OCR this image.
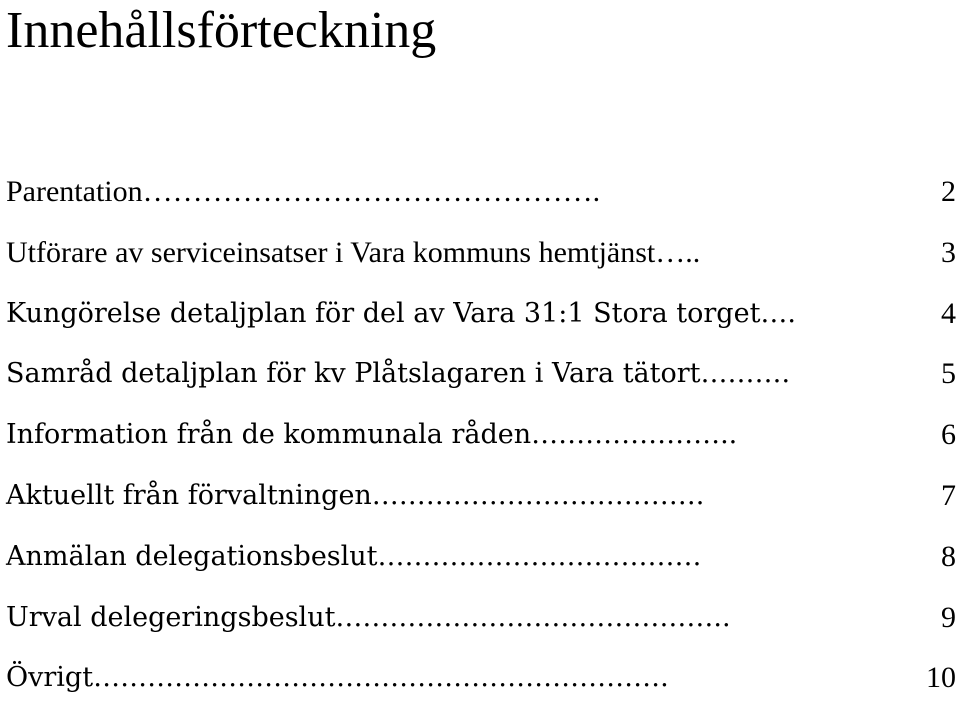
Innehållsförteckning
Parentation……………………………………….	2
Utförare av serviceinsatser i Vara kommuns hemtjänst…..	3
Kungörelse detaljplan för del av Vara 31:1 Stora torget….	4
Samråd detaljplan för kv Plåtslagaren i Vara tätort……….	5
Information från de kommunala råden…………………..	6
Aktuellt från förvaltningen……………………………….	7
Anmälan delegationsbeslut………………………………	8
Urval delegeringsbeslut……………………………………..	9
Övrigt……………………………………………………….	10
